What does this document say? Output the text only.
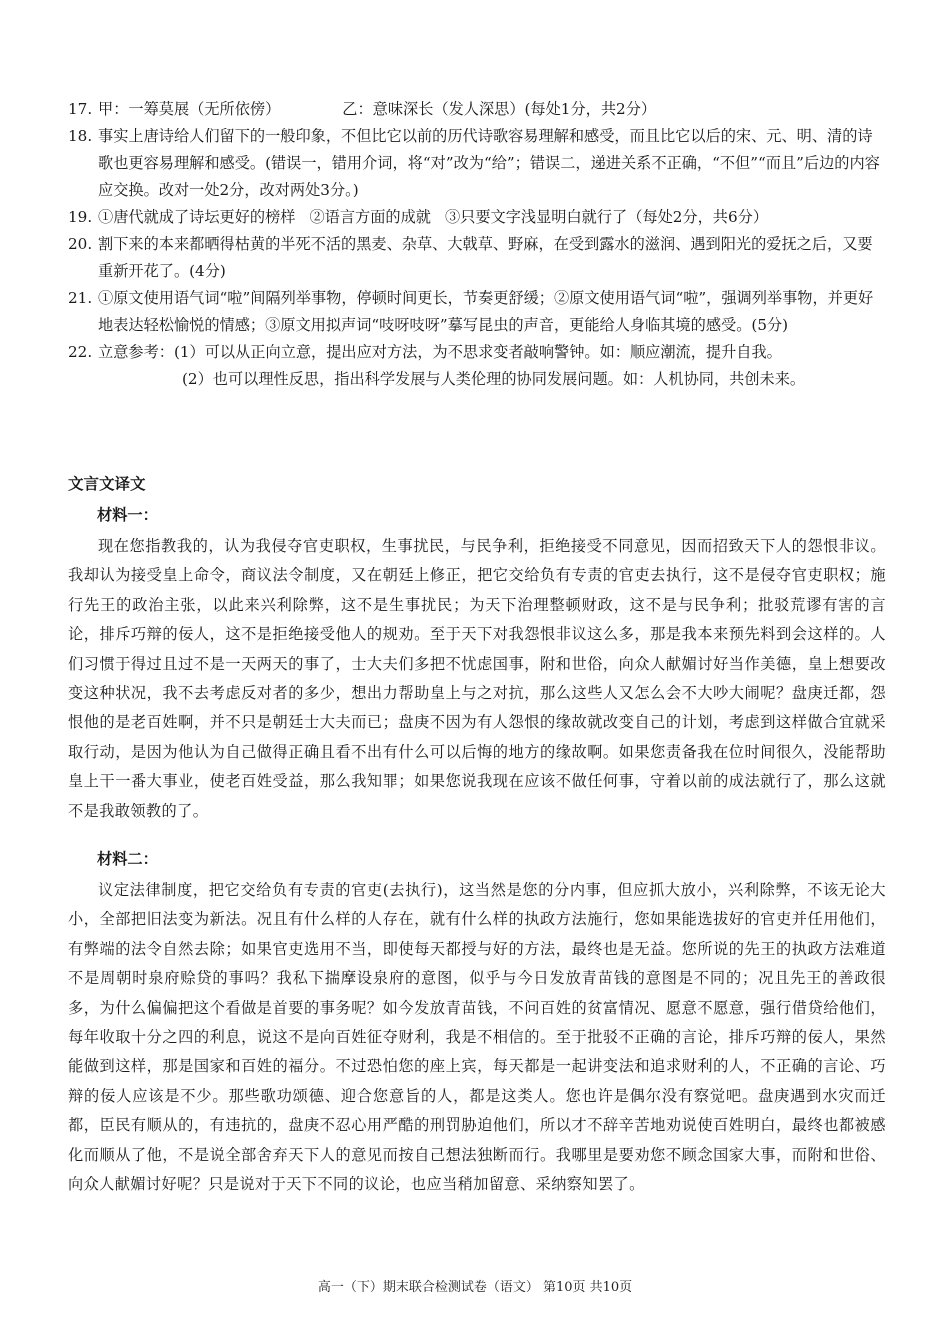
17. 甲：一筹莫展（无所依傍）	乙：意味深长（发人深思）(每处1分，共2分）
18. 事实上唐诗给人们留下的一般印象，不但比它以前的历代诗歌容易理解和感受，而且比它以后的宋、元、明、清的诗歌也更容易理解和感受。(错误一，错用介词，将“对”改为“给”；错误二，递进关系不正确，“不但”“而且”后边的内容应交换。改对一处2分，改对两处3分。)
19. ①唐代就成了诗坛更好的榜样 ②语言方面的成就 ③只要文字浅显明白就行了（每处2分，共6分）
20. 割下来的本来都晒得枯黄的半死不活的黑麦、杂草、大戟草、野麻，在受到露水的滋润、遇到阳光的爱抚之后，又要重新开花了。(4分)
21. ①原文使用语气词“啦”间隔列举事物，停顿时间更长，节奏更舒缓；②原文使用语气词“啦”，强调列举事物，并更好地表达轻松愉悦的情感；③原文用拟声词“吱呀吱呀”摹写昆虫的声音，更能给人身临其境的感受。(5分)
22. 立意参考：(1）可以从正向立意，提出应对方法，为不思求变者敲响警钟。如：顺应潮流，提升自我。
(2）也可以理性反思，指出科学发展与人类伦理的协同发展问题。如：人机协同，共创未来。
文言文译文
材料一：

现在您指教我的，认为我侵夺官吏职权，生事扰民，与民争利，拒绝接受不同意见，因而招致天下人的怨恨非议。我却认为接受皇上命令，商议法令制度，又在朝廷上修正，把它交给负有专责的官吏去执行，这不是侵夺官吏职权；施行先王的政治主张，以此来兴利除弊，这不是生事扰民；为天下治理整顿财政，这不是与民争利；批驳荒谬有害的言论，排斥巧辩的佞人，这不是拒绝接受他人的规劝。至于天下对我怨恨非议这么多，那是我本来预先料到会这样的。人们习惯于得过且过不是一天两天的事了，士大夫们多把不忧虑国事，附和世俗，向众人献媚讨好当作美德，皇上想要改变这种状况，我不去考虑反对者的多少，想出力帮助皇上与之对抗，那么这些人又怎么会不大吵大闹呢？盘庚迁都，怨恨他的是老百姓啊，并不只是朝廷士大夫而已；盘庚不因为有人怨恨的缘故就改变自己的计划，考虑到这样做合宜就采取行动，是因为他认为自己做得正确且看不出有什么可以后悔的地方的缘故啊。如果您责备我在位时间很久，没能帮助皇上干一番大事业，使老百姓受益，那么我知罪；如果您说我现在应该不做任何事，守着以前的成法就行了，那么这就不是我敢领教的了。

材料二：

议定法律制度，把它交给负有专责的官吏(去执行)，这当然是您的分内事，但应抓大放小，兴利除弊，不该无论大小，全部把旧法变为新法。况且有什么样的人存在，就有什么样的执政方法施行，您如果能选拔好的官吏并任用他们，有弊端的法令自然去除；如果官吏选用不当，即使每天都授与好的方法，最终也是无益。您所说的先王的执政方法难道不是周朝时泉府赊贷的事吗？我私下揣摩设泉府的意图，似乎与今日发放青苗钱的意图是不同的；况且先王的善政很多，为什么偏偏把这个看做是首要的事务呢？如今发放青苗钱，不问百姓的贫富情况、愿意不愿意，强行借贷给他们，每年收取十分之四的利息，说这不是向百姓征夺财利，我是不相信的。至于批驳不正确的言论，排斥巧辩的佞人，果然能做到这样，那是国家和百姓的福分。不过恐怕您的座上宾，每天都是一起讲变法和追求财利的人，不正确的言论、巧辩的佞人应该是不少。那些歌功颂德、迎合您意旨的人，都是这类人。您也许是偶尔没有察觉吧。盘庚遇到水灾而迁都，臣民有顺从的，有违抗的，盘庚不忍心用严酷的刑罚胁迫他们，所以才不辞辛苦地劝说使百姓明白，最终也都被感化而顺从了他，不是说全部舍弃天下人的意见而按自己想法独断而行。我哪里是要劝您不顾念国家大事，而附和世俗、向众人献媚讨好呢？只是说对于天下不同的议论，也应当稍加留意、采纳察知罢了。

高一（下）期末联合检测试卷（语文） 第10页 共10页
